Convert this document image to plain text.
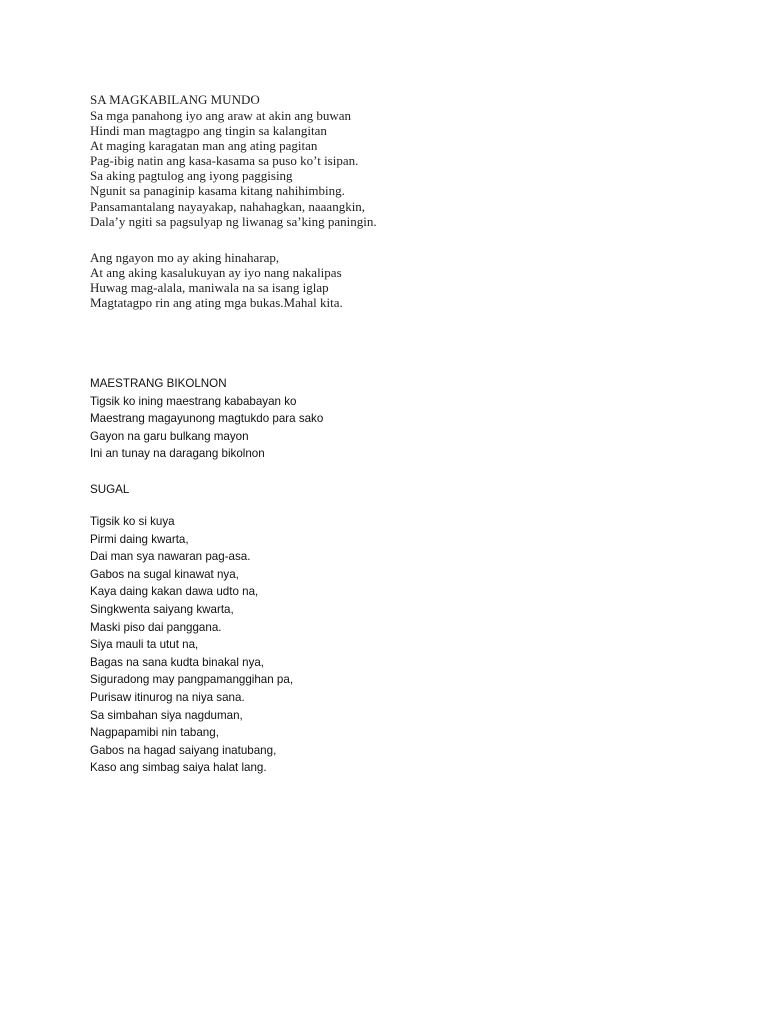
SA MAGKABILANG MUNDO
Sa mga panahong iyo ang araw at akin ang buwan
Hindi man magtagpo ang tingin sa kalangitan
At maging karagatan man ang ating pagitan
Pag-ibig natin ang kasa-kasama sa puso ko’t isipan.
Sa aking pagtulog ang iyong paggising
Ngunit sa panaginip kasama kitang nahihimbing.
Pansamantalang nayayakap, nahahagkan, naaangkin,
Dala’y ngiti sa pagsulyap ng liwanag sa’king paningin.
Ang ngayon mo ay aking hinaharap,
At ang aking kasalukuyan ay iyo nang nakalipas
Huwag mag-alala, maniwala na sa isang iglap
Magtatagpo rin ang ating mga bukas.Mahal kita.
MAESTRANG BIKOLNON
Tigsik ko ining maestrang kababayan ko
Maestrang magayunong magtukdo para sako
Gayon na garu bulkang mayon
Ini an tunay na daragang bikolnon
SUGAL
Tigsik ko si kuya
Pirmi daing kwarta,
Dai man sya nawaran pag-asa.
Gabos na sugal kinawat nya,
Kaya daing kakan dawa udto na,
Singkwenta saiyang kwarta,
Maski piso dai panggana.
Siya mauli ta utut na,
Bagas na sana kudta binakal nya,
Siguradong may pangpamanggihan pa,
Purisaw itinurog na niya sana.
Sa simbahan siya nagduman,
Nagpapamibi nin tabang,
Gabos na hagad saiyang inatubang,
Kaso ang simbag saiya halat lang.
